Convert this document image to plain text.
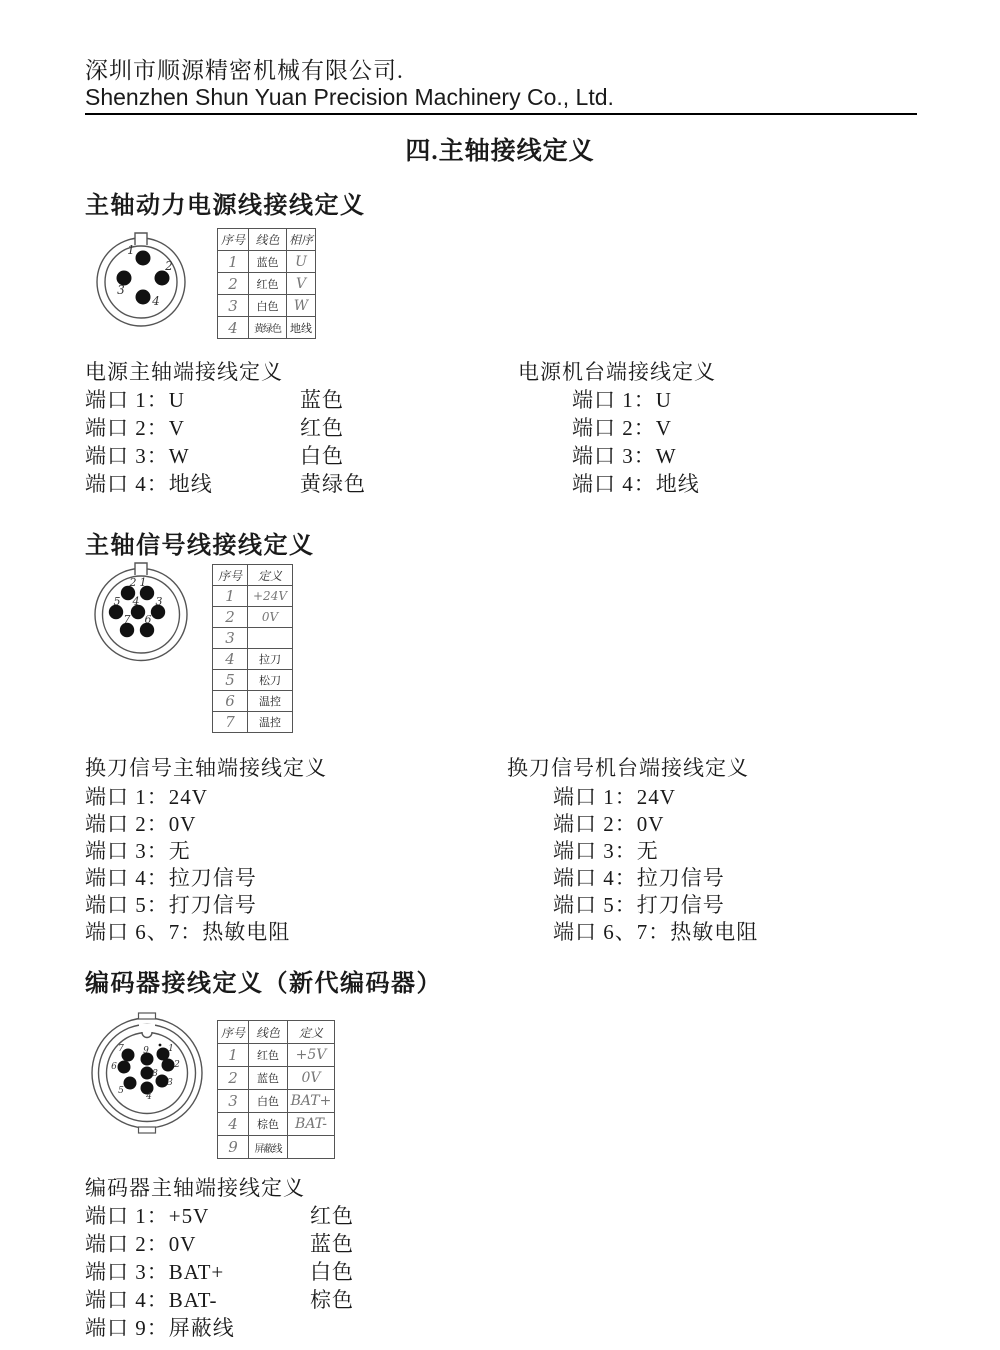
深圳市顺源精密机械有限公司.
Shenzhen Shun Yuan Precision Machinery Co., Ltd.
四.主轴接线定义
主轴动力电源线接线定义
1
2
3
4
序号	线色	相序
1	蓝色	U
2	红色	V
3	白色	W
4	黄绿色	地线
电源主轴端接线定义
端口 1：U	蓝色
端口 2：V	红色
端口 3：W	白色
端口 4：地线	黄绿色
电源机台端接线定义
端口 1：U
端口 2：V
端口 3：W
端口 4：地线
主轴信号线接线定义
2 1
5 4 3
7 6
序号	定义
1	+24V
2	0V
3	
4	拉刀
5	松刀
6	温控
7	温控
换刀信号主轴端接线定义
端口 1：24V
端口 2：0V
端口 3：无
端口 4：拉刀信号
端口 5：打刀信号
端口 6、7：热敏电阻
换刀信号机台端接线定义
端口 1：24V
端口 2：0V
端口 3：无
端口 4：拉刀信号
端口 5：打刀信号
端口 6、7：热敏电阻
编码器接线定义（新代编码器）
7 9 1
6	2
8
5
3
4
序号	线色	定义
1	红色	+5V
2	蓝色	0V
3	白色	BAT+
4	棕色	BAT-
9	屏蔽线	
编码器主轴端接线定义
端口 1：+5V	红色
端口 2：0V	蓝色
端口 3：BAT+	白色
端口 4：BAT-	棕色
端口 9：屏蔽线
